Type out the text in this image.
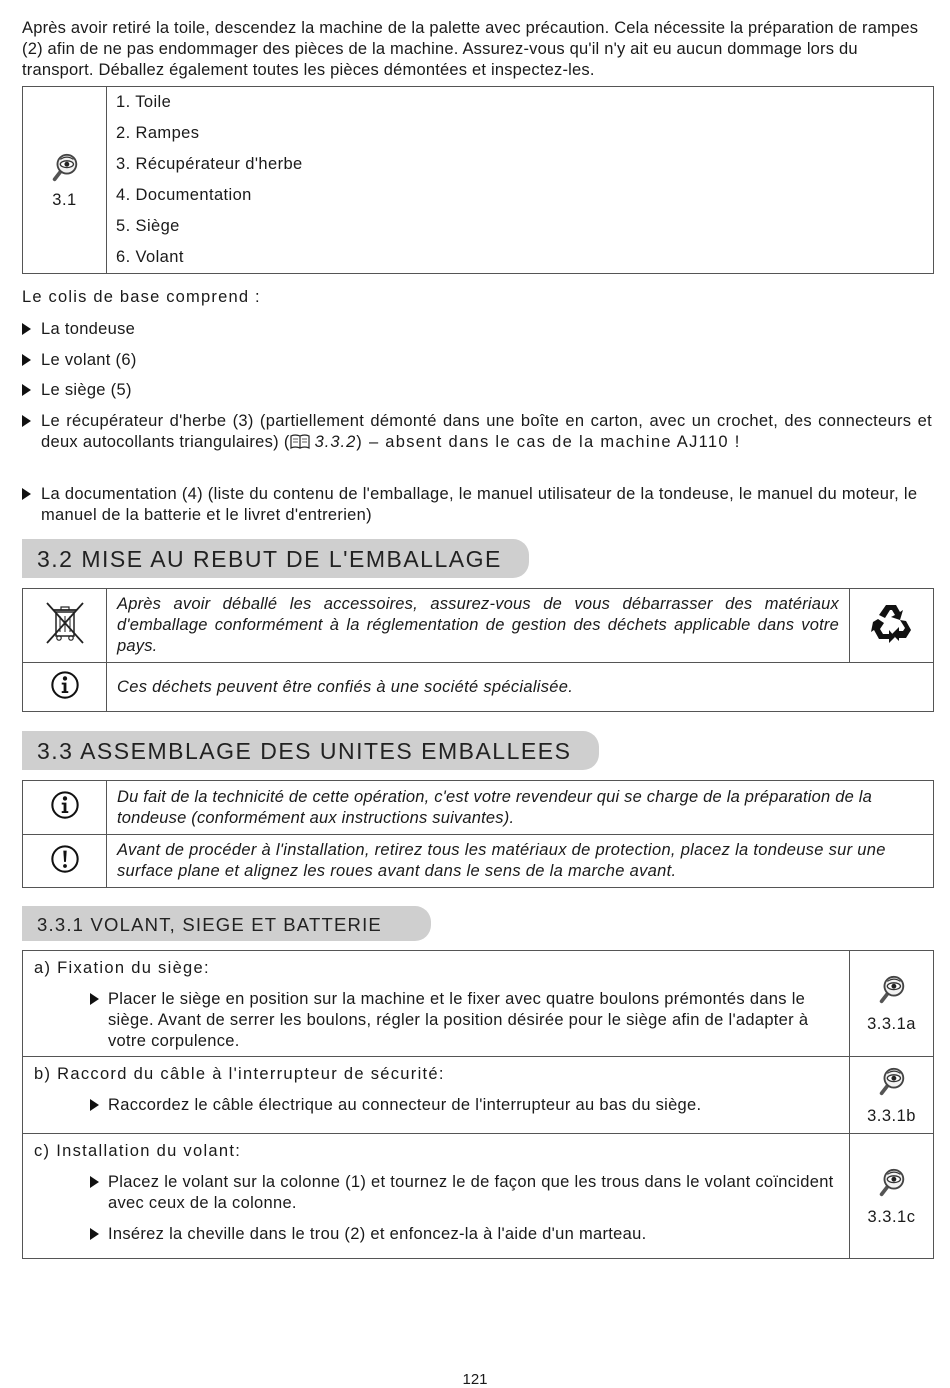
Après avoir retiré la toile, descendez la machine de la palette avec précaution. Cela nécessite la préparation de rampes (2) afin de ne pas endommager des pièces de la machine. Assurez-vous qu'il n'y ait eu aucun dommage lors du transport. Déballez également toutes les pièces démontées et inspectez-les.

3.1	
1. Toile
2. Rampes
3. Récupérateur d'herbe
4. Documentation
5. Siège
6. Volant

Le colis de base comprend :

La tondeuse
Le volant (6)
Le siège (5)
Le récupérateur d'herbe (3) (partiellement démonté dans une boîte en carton, avec un crochet, des connecteurs et deux autocollants triangulaires) ( 3.3.2) – absent dans le cas de la machine AJ110 !
La documentation (4) (liste du contenu de l'emballage, le manuel utilisateur de la tondeuse, le manuel du moteur, le manuel de la batterie et le livret d'entrerien)
3.2 MISE AU REBUT DE L'EMBALLAGE

Après avoir déballé les accessoires, assurez-vous de vous débarrasser des matériaux d'emballage conformément à la réglementation de gestion des déchets applicable dans votre pays.

Ces déchets peuvent être confiés à une société spécialisée.	

3.3 ASSEMBLAGE DES UNITES EMBALLEES

Du fait de la technicité de cette opération, c'est votre revendeur qui se charge de la préparation de la tondeuse (conformément aux instructions suivantes).

Avant de procéder à l'installation, retirez tous les matériaux de protection, placez la tondeuse sur une surface plane et alignez les roues avant dans le sens de la marche avant.

3.3.1 VOLANT, SIEGE ET BATTERIE
a) Fixation du siège:
Placer le siège en position sur la machine et le fixer avec quatre boulons prémontés dans le siège. Avant de serrer les boulons, régler la position désirée pour le siège afin de l'adapter à votre corpulence.	3.3.1a

b) Raccord du câble à l'interrupteur de sécurité:
Raccordez le câble électrique au connecteur de l'interrupteur au bas du siège.	3.3.1b

c) Installation du volant:
Placez le volant sur la colonne (1) et tournez le de façon que les trous dans le volant coïncident avec ceux de la colonne.
Insérez la cheville dans le trou (2) et enfoncez-la à l'aide d'un marteau.	3.3.1c
121
